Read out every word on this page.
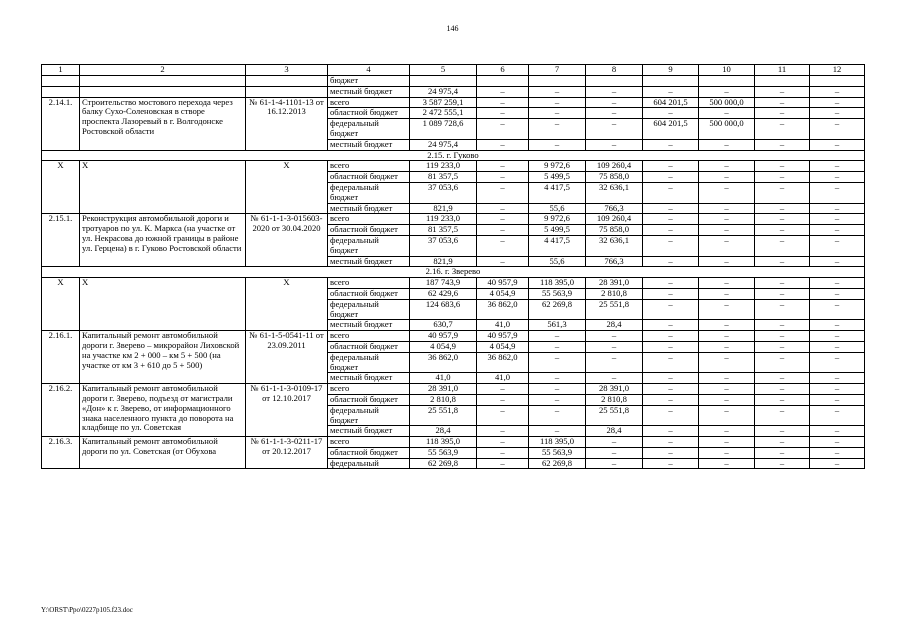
146
1	2	3	4	5	6	7	8	9	10	11	12
			бюджет								
			местный бюджет	24 975,4	–	–	–	–	–	–	–
2.14.1.	Строительство мостового перехода через балку Сухо-Соленовская в створе проспекта Лазоревый в г. Волгодонске Ростовской области	№ 61-1-4-1101-13 от 16.12.2013	всего	3 587 259,1	–	–	–	604 201,5	500 000,0	–	–
			областной бюджет	2 472 555,1	–	–	–	–	–	–	–
			федеральный бюджет	1 089 728,6	–	–	–	604 201,5	500 000,0	–	–
			местный бюджет	24 975,4	–	–	–	–	–	–	–
2.15. г. Гуково											
X	X	X	всего	119 233,0	–	9 972,6	109 260,4	–	–	–	–
			областной бюджет	81 357,5	–	5 499,5	75 858,0	–	–	–	–
			федеральный бюджет	37 053,6	–	4 417,5	32 636,1	–	–	–	–
			местный бюджет	821,9	–	55,6	766,3	–	–	–	–
2.15.1.	Реконструкция автомобильной дороги и тротуаров по ул. К. Маркса (на участке от ул. Некрасова до южной границы в районе ул. Герцена) в г. Гуково Ростовской области	№ 61-1-1-3-015603-2020 от 30.04.2020	всего	119 233,0	–	9 972,6	109 260,4	–	–	–	–
			областной бюджет	81 357,5	–	5 499,5	75 858,0	–	–	–	–
			федеральный бюджет	37 053,6	–	4 417,5	32 636,1	–	–	–	–
			местный бюджет	821,9	–	55,6	766,3	–	–	–	–
2.16. г. Зверево											
X	X	X	всего	187 743,9	40 957,9	118 395,0	28 391,0	–	–	–	–
			областной бюджет	62 429,6	4 054,9	55 563,9	2 810,8	–	–	–	–
			федеральный бюджет	124 683,6	36 862,0	62 269,8	25 551,8	–	–	–	–
			местный бюджет	630,7	41,0	561,3	28,4	–	–	–	–
2.16.1.	Капитальный ремонт автомобильной дороги г. Зверево – микрорайон Лиховской на участке км 2 + 000 – км 5 + 500 (на участке от км 3 + 610 до 5 + 500)	№ 61-1-5-0541-11 от 23.09.2011	всего	40 957,9	40 957,9	–	–	–	–	–	–
			областной бюджет	4 054,9	4 054,9	–	–	–	–	–	–
			федеральный бюджет	36 862,0	36 862,0	–	–	–	–	–	–
			местный бюджет	41,0	41,0	–	–	–	–	–	–
2.16.2.	Капитальный ремонт автомобильной дороги г. Зверево, подъезд от магистрали «Дон» к г. Зверево, от информационного знака населенного пункта до поворота на кладбище по ул. Советская	№ 61-1-1-3-0109-17 от 12.10.2017	всего	28 391,0	–	–	28 391,0	–	–	–	–
			областной бюджет	2 810,8	–	–	2 810,8	–	–	–	–
			федеральный бюджет	25 551,8	–	–	25 551,8	–	–	–	–
			местный бюджет	28,4	–	–	28,4	–	–	–	–
2.16.3.	Капитальный ремонт автомобильной дороги по ул. Советская (от Обухова	№ 61-1-1-3-0211-17 от 20.12.2017	всего	118 395,0	–	118 395,0	–	–	–	–	–
			областной бюджет	55 563,9	–	55 563,9	–	–	–	–	–
			федеральный	62 269,8	–	62 269,8	–	–	–	–	–
Y:\ORST\Ppo\0227p105.f23.doc
